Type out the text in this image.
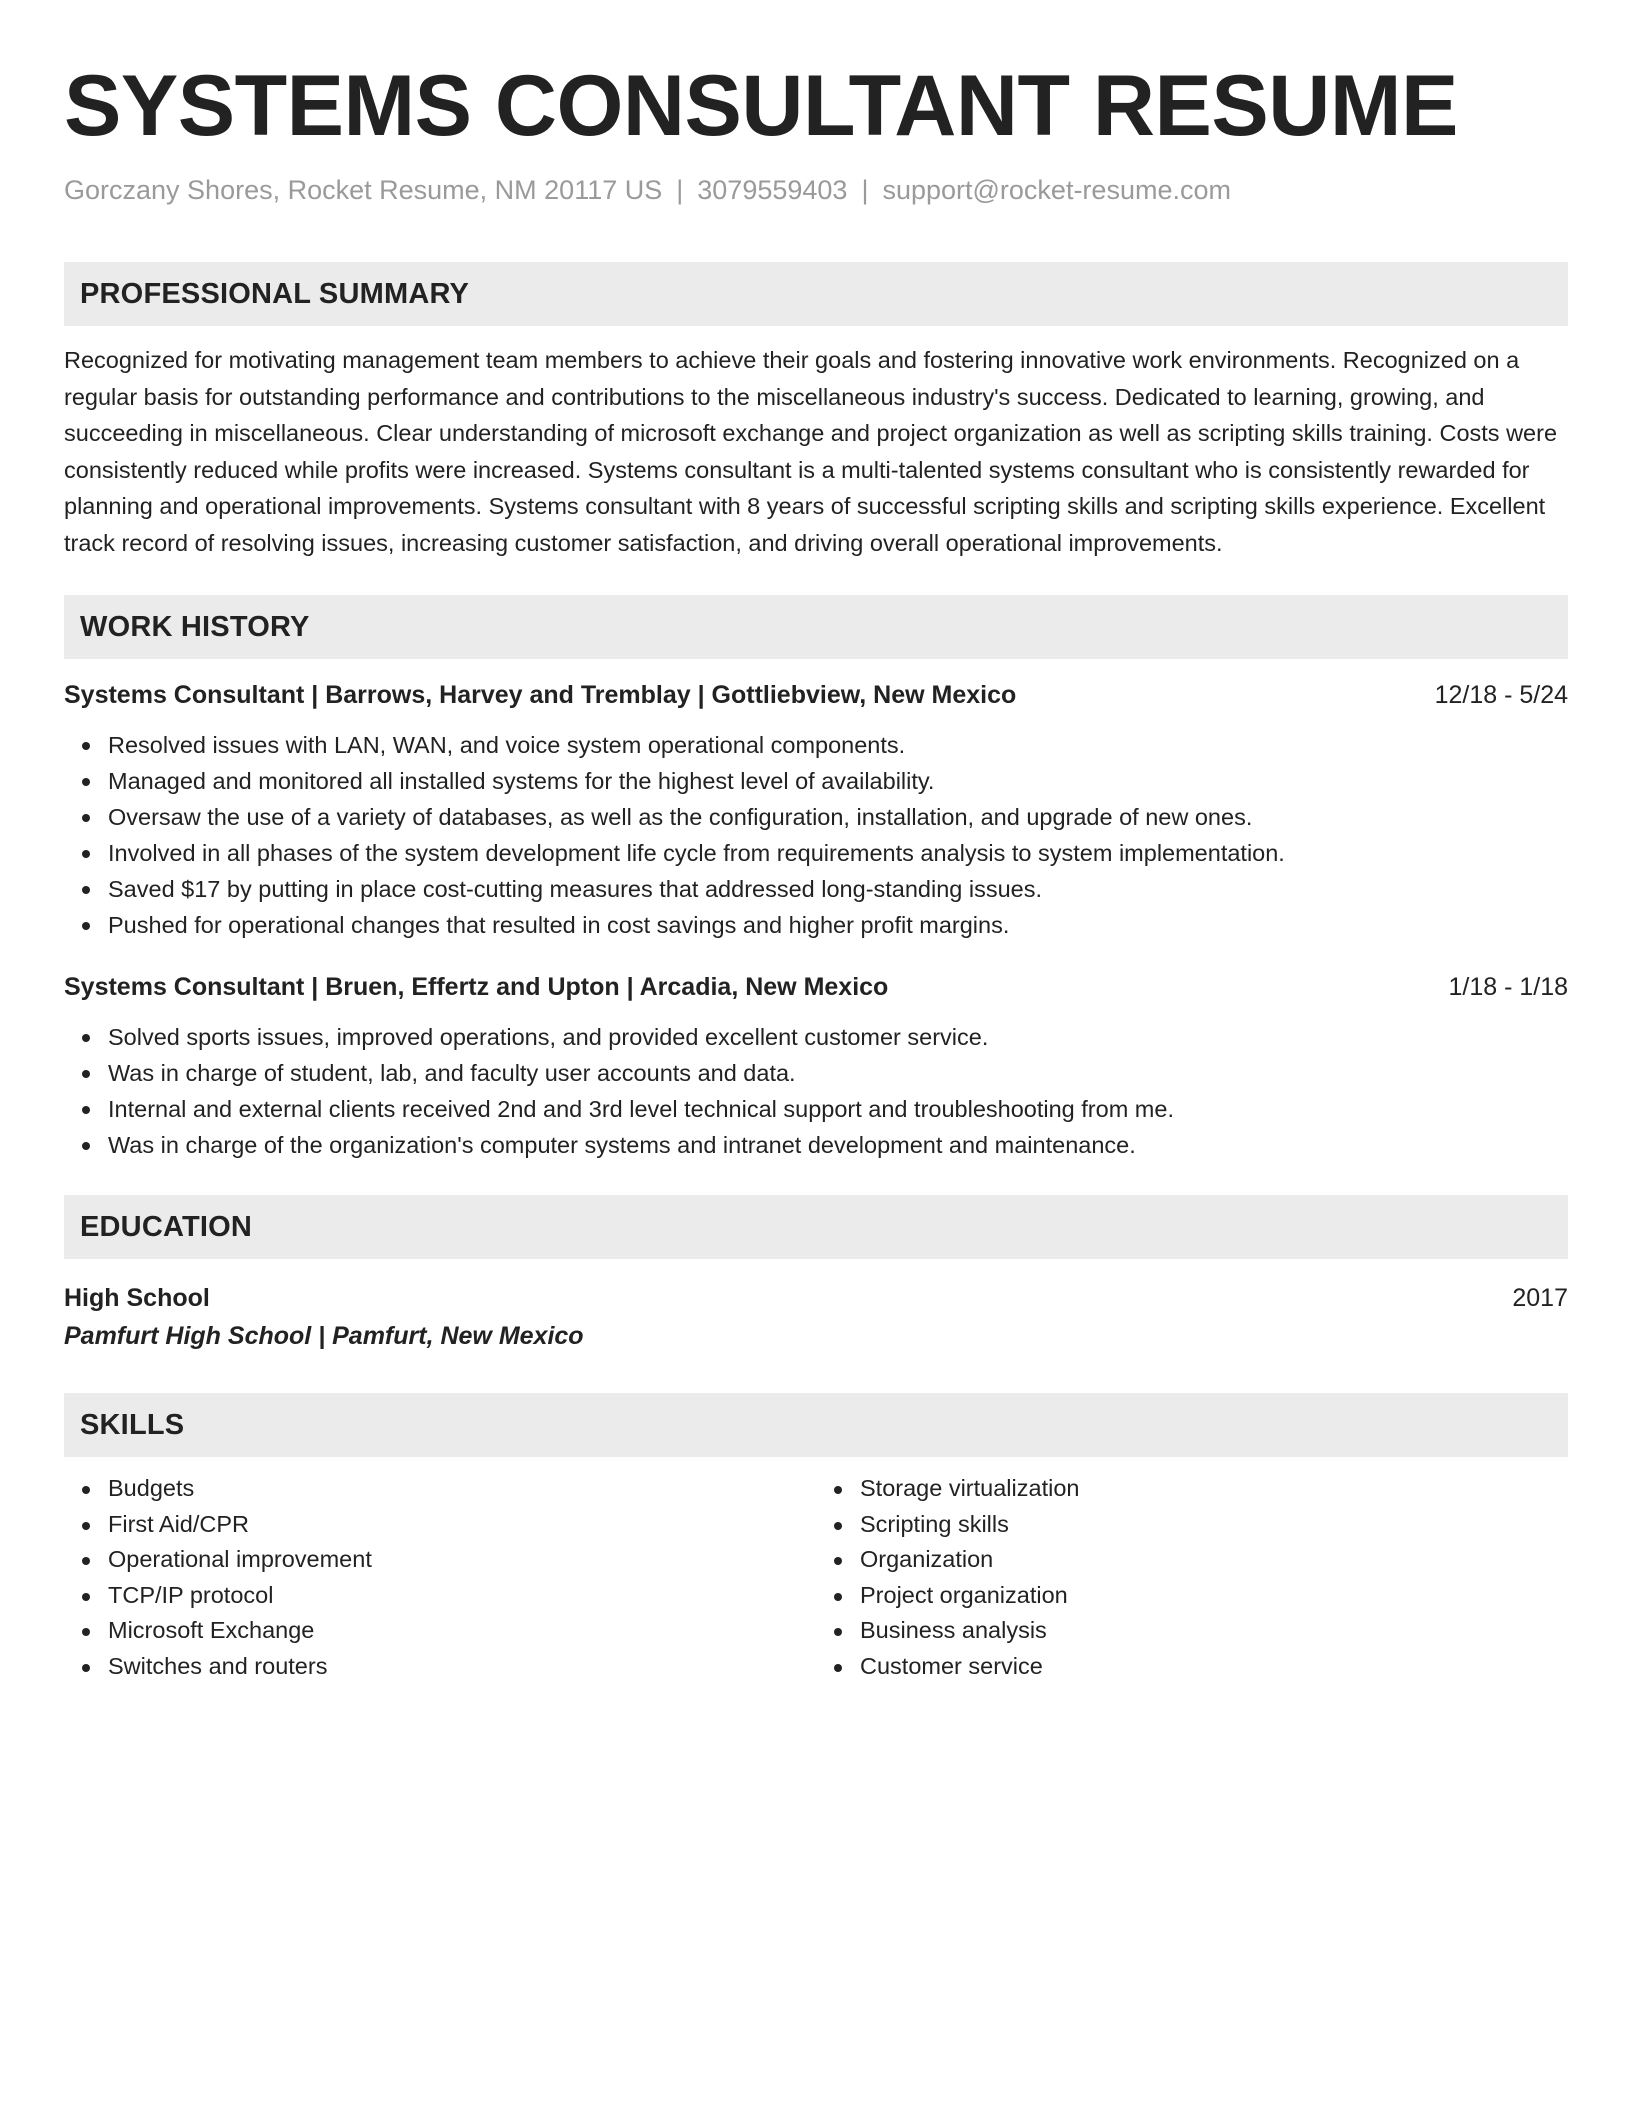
SYSTEMS CONSULTANT RESUME
Gorczany Shores, Rocket Resume, NM 20117 US | 3079559403 | support@rocket-resume.com
PROFESSIONAL SUMMARY

Recognized for motivating management team members to achieve their goals and fostering innovative work environments. Recognized on a regular basis for outstanding performance and contributions to the miscellaneous industry's success. Dedicated to learning, growing, and succeeding in miscellaneous. Clear understanding of microsoft exchange and project organization as well as scripting skills training. Costs were consistently reduced while profits were increased. Systems consultant is a multi-talented systems consultant who is consistently rewarded for planning and operational improvements. Systems consultant with 8 years of successful scripting skills and scripting skills experience. Excellent track record of resolving issues, increasing customer satisfaction, and driving overall operational improvements.

WORK HISTORY
Systems Consultant | Barrows, Harvey and Tremblay | Gottliebview, New Mexico	12/18 - 5/24
Resolved issues with LAN, WAN, and voice system operational components.
Managed and monitored all installed systems for the highest level of availability.
Oversaw the use of a variety of databases, as well as the configuration, installation, and upgrade of new ones.
Involved in all phases of the system development life cycle from requirements analysis to system implementation.
Saved $17 by putting in place cost-cutting measures that addressed long-standing issues.
Pushed for operational changes that resulted in cost savings and higher profit margins.
Systems Consultant | Bruen, Effertz and Upton | Arcadia, New Mexico	1/18 - 1/18
Solved sports issues, improved operations, and provided excellent customer service.
Was in charge of student, lab, and faculty user accounts and data.
Internal and external clients received 2nd and 3rd level technical support and troubleshooting from me.
Was in charge of the organization's computer systems and intranet development and maintenance.
EDUCATION
High School	2017
Pamfurt High School | Pamfurt, New Mexico
SKILLS
Budgets
First Aid/CPR
Operational improvement
TCP/IP protocol
Microsoft Exchange
Switches and routers
Storage virtualization
Scripting skills
Organization
Project organization
Business analysis
Customer service
